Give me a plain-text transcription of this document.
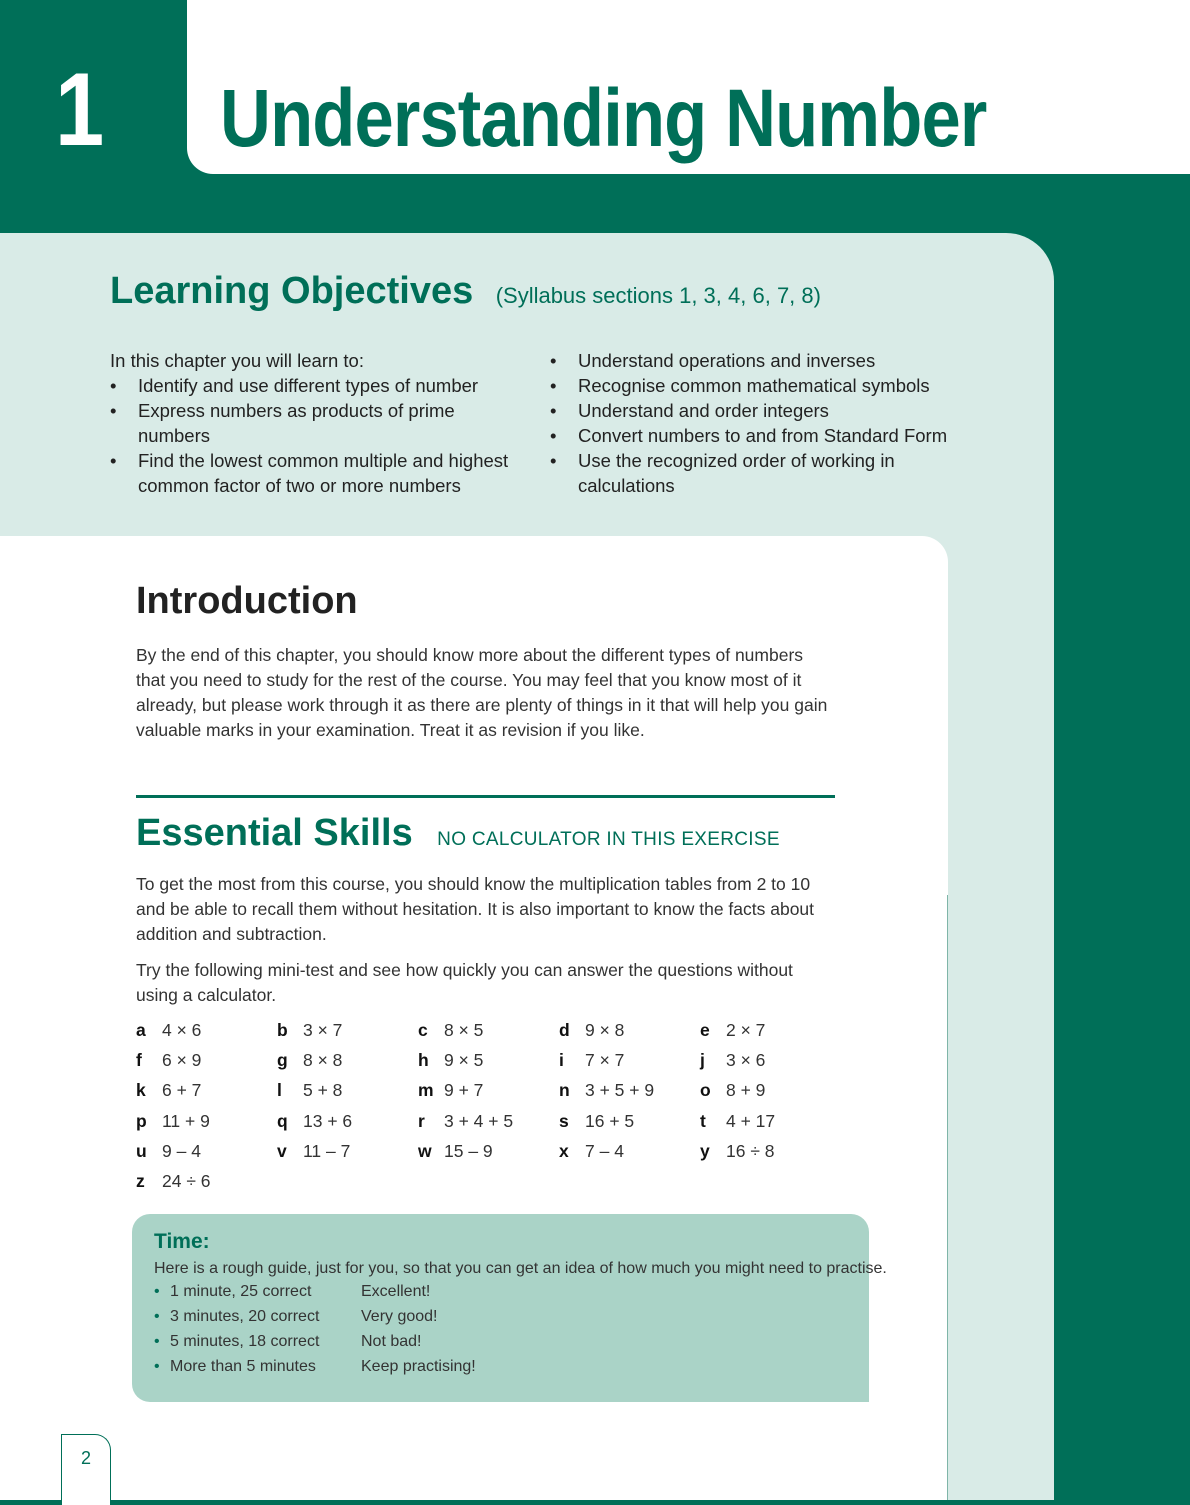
1 Understanding Number
Learning Objectives (Syllabus sections 1, 3, 4, 6, 7, 8)
In this chapter you will learn to:
• Identify and use different types of number
• Express numbers as products of prime numbers
• Find the lowest common multiple and highest common factor of two or more numbers
• Understand operations and inverses
• Recognise common mathematical symbols
• Understand and order integers
• Convert numbers to and from Standard Form
• Use the recognized order of working in calculations
Introduction
By the end of this chapter, you should know more about the different types of numbers that you need to study for the rest of the course. You may feel that you know most of it already, but please work through it as there are plenty of things in it that will help you gain valuable marks in your examination. Treat it as revision if you like.
Essential Skills NO CALCULATOR IN THIS EXERCISE
To get the most from this course, you should know the multiplication tables from 2 to 10 and be able to recall them without hesitation. It is also important to know the facts about addition and subtraction.
Try the following mini-test and see how quickly you can answer the questions without using a calculator.
a 4 × 6	b 3 × 7	c 8 × 5	d 9 × 8	e 2 × 7
f 6 × 9	g 8 × 8	h 9 × 5	i 7 × 7	j 3 × 6
k 6 + 7	l 5 + 8	m 9 + 7	n 3 + 5 + 9	o 8 + 9
p 11 + 9	q 13 + 6	r 3 + 4 + 5	s 16 + 5	t 4 + 17
u 9 – 4	v 11 – 7	w 15 – 9	x 7 – 4	y 16 ÷ 8
z 24 ÷ 6
Time:
Here is a rough guide, just for you, so that you can get an idea of how much you might need to practise.
• 1 minute, 25 correct	Excellent!
• 3 minutes, 20 correct	Very good!
• 5 minutes, 18 correct	Not bad!
• More than 5 minutes	Keep practising!
2
